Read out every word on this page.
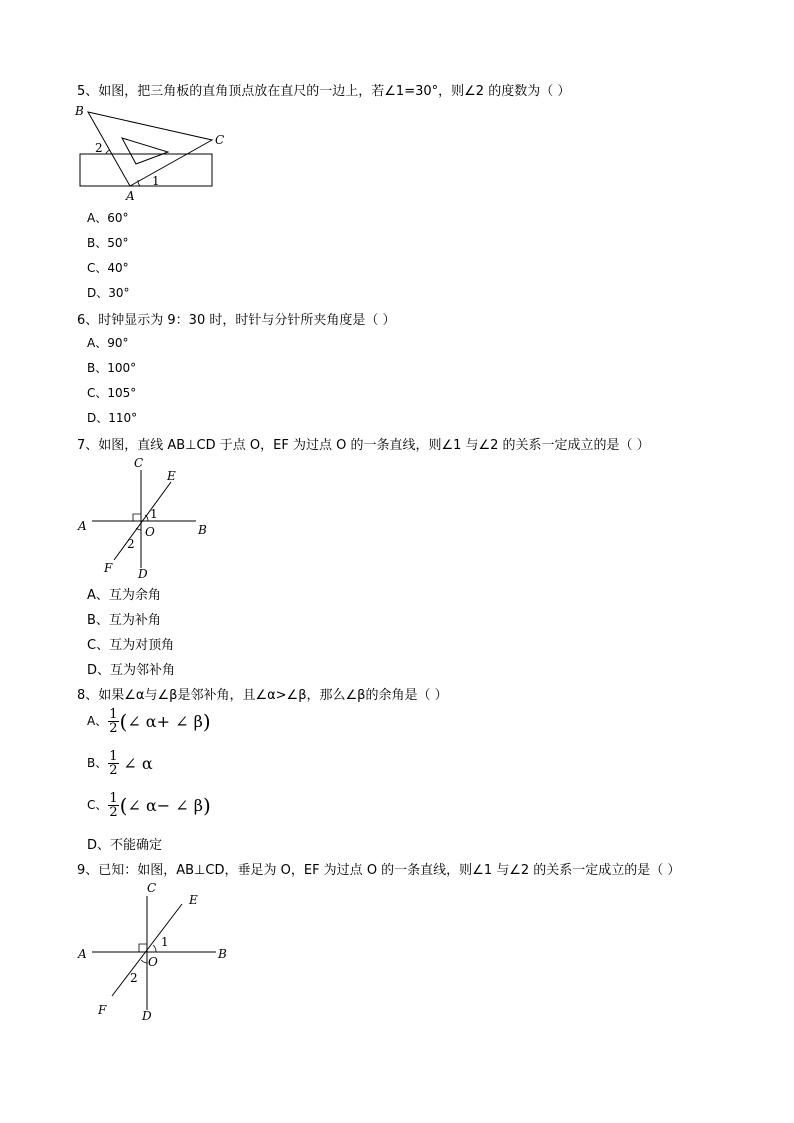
5、如图，把三角板的直角顶点放在直尺的一边上，若∠1=30°，则∠2 的度数为（ ）
B
C
A
2
1
A、60°
B、50°
C、40°
D、30°
6、时钟显示为 9：30 时，时针与分针所夹角度是（ ）
A、90°
B、100°
C、105°
D、110°
7、如图，直线 AB⊥CD 于点 O，EF 为过点 O 的一条直线，则∠1 与∠2 的关系一定成立的是（ ）
C
E
A	B
O
1
2
F D
A、互为余角
B、互为补角
C、互为对顶角
D、互为邻补角
8、如果∠α与∠β是邻补角，且∠α>∠β，那么∠β的余角是（ ）
A、 $\frac{1}{2}$ (∠ α+ ∠ β)
B、 $\frac{1}{2}$ ∠ α
C、 $\frac{1}{2}$ (∠ α− ∠ β)
D、不能确定
9、已知：如图，AB⊥CD，垂足为 O，EF 为过点 O 的一条直线，则∠1 与∠2 的关系一定成立的是（ ）
C
E
A	B
O
1
2
F	D
